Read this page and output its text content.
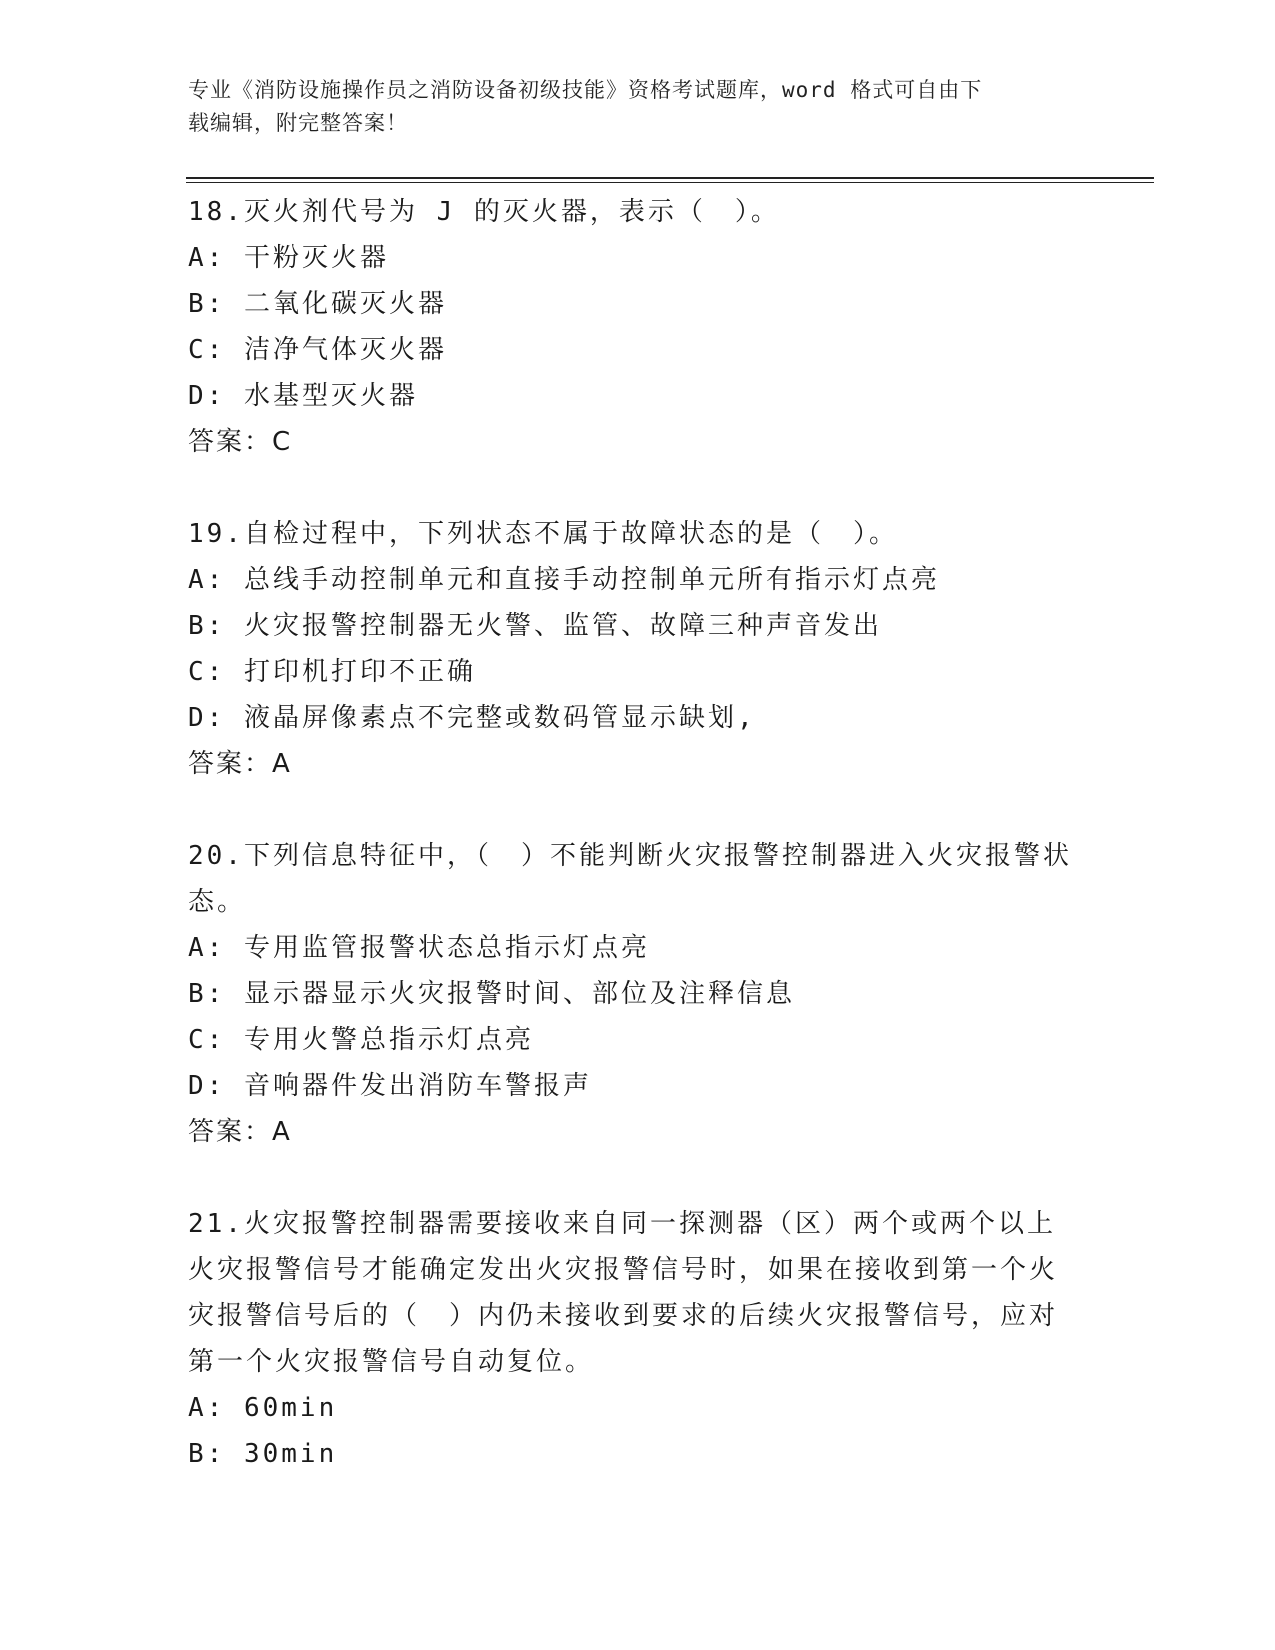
专业《消防设施操作员之消防设备初级技能》资格考试题库，word 格式可自由下
载编辑，附完整答案！
18.灭火剂代号为 J 的灭火器，表示（　）。
A: 干粉灭火器
B: 二氧化碳灭火器
C: 洁净气体灭火器
D: 水基型灭火器
答案：C
19.自检过程中，下列状态不属于故障状态的是（　）。
A: 总线手动控制单元和直接手动控制单元所有指示灯点亮
B: 火灾报警控制器无火警、监管、故障三种声音发出
C: 打印机打印不正确
D: 液晶屏像素点不完整或数码管显示缺划,
答案：A
20.下列信息特征中，（　）不能判断火灾报警控制器进入火灾报警状态。
A: 专用监管报警状态总指示灯点亮
B: 显示器显示火灾报警时间、部位及注释信息
C: 专用火警总指示灯点亮
D: 音响器件发出消防车警报声
答案：A
21.火灾报警控制器需要接收来自同一探测器（区）两个或两个以上火灾报警信号才能确定发出火灾报警信号时，如果在接收到第一个火灾报警信号后的（　）内仍未接收到要求的后续火灾报警信号，应对第一个火灾报警信号自动复位。
A: 60min
B: 30min
